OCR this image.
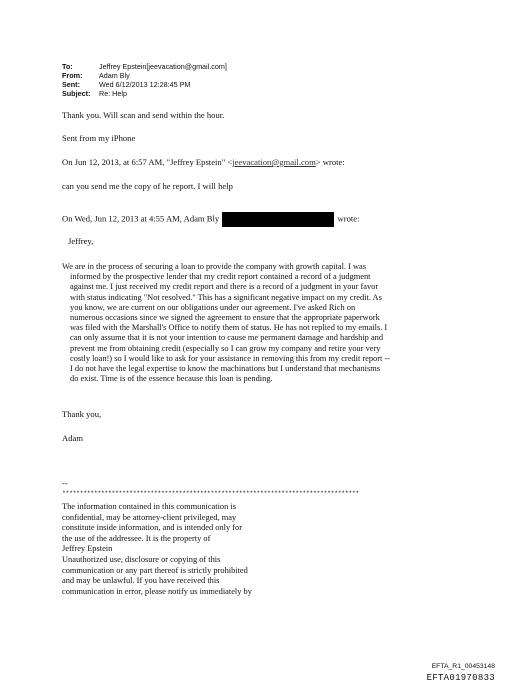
To:	Jeffrey Epstein[jeevacation@gmail.com]
From:	Adam Bly
Sent:	Wed 6/12/2013 12:28:45 PM
Subject:	Re: Help
Thank you. Will scan and send within the hour.
Sent from my iPhone
On Jun 12, 2013, at 6:57 AM, "Jeffrey Epstein" <jeevacation@gmail.com> wrote:
can you send me the copy of he report. I will help
On Wed, Jun 12, 2013 at 4:55 AM, Adam Bly	wrote:
Jeffrey,
We are in the process of securing a loan to provide the company with growth capital. I was
informed by the prospective lender that my credit report contained a record of a judgment
against me. I just received my credit report and there is a record of a judgment in your favor
with status indicating "Not resolved." This has a significant negative impact on my credit. As
you know, we are current on our obligations under our agreement. I've asked Rich on
numerous occasions since we signed the agreement to ensure that the appropriate paperwork
was filed with the Marshall's Office to notify them of status. He has not replied to my emails. I
can only assume that it is not your intention to cause me permanent damage and hardship and
prevent me from obtaining credit (especially so I can grow my company and retire your very
costly loan!) so I would like to ask for your assistance in removing this from my credit report --
I do not have the legal expertise to know the machinations but I understand that mechanisms
do exist. Time is of the essence because this loan is pending.
Thank you,
Adam
--
************************************************************************************
The information contained in this communication is
confidential, may be attorney-client privileged, may
constitute inside information, and is intended only for
the use of the addressee. It is the property of
Jeffrey Epstein
Unauthorized use, disclosure or copying of this
communication or any part thereof is strictly prohibited
and may be unlawful. If you have received this
communication in error, please notify us immediately by
EFTA_R1_00453148
EFTA01970833
